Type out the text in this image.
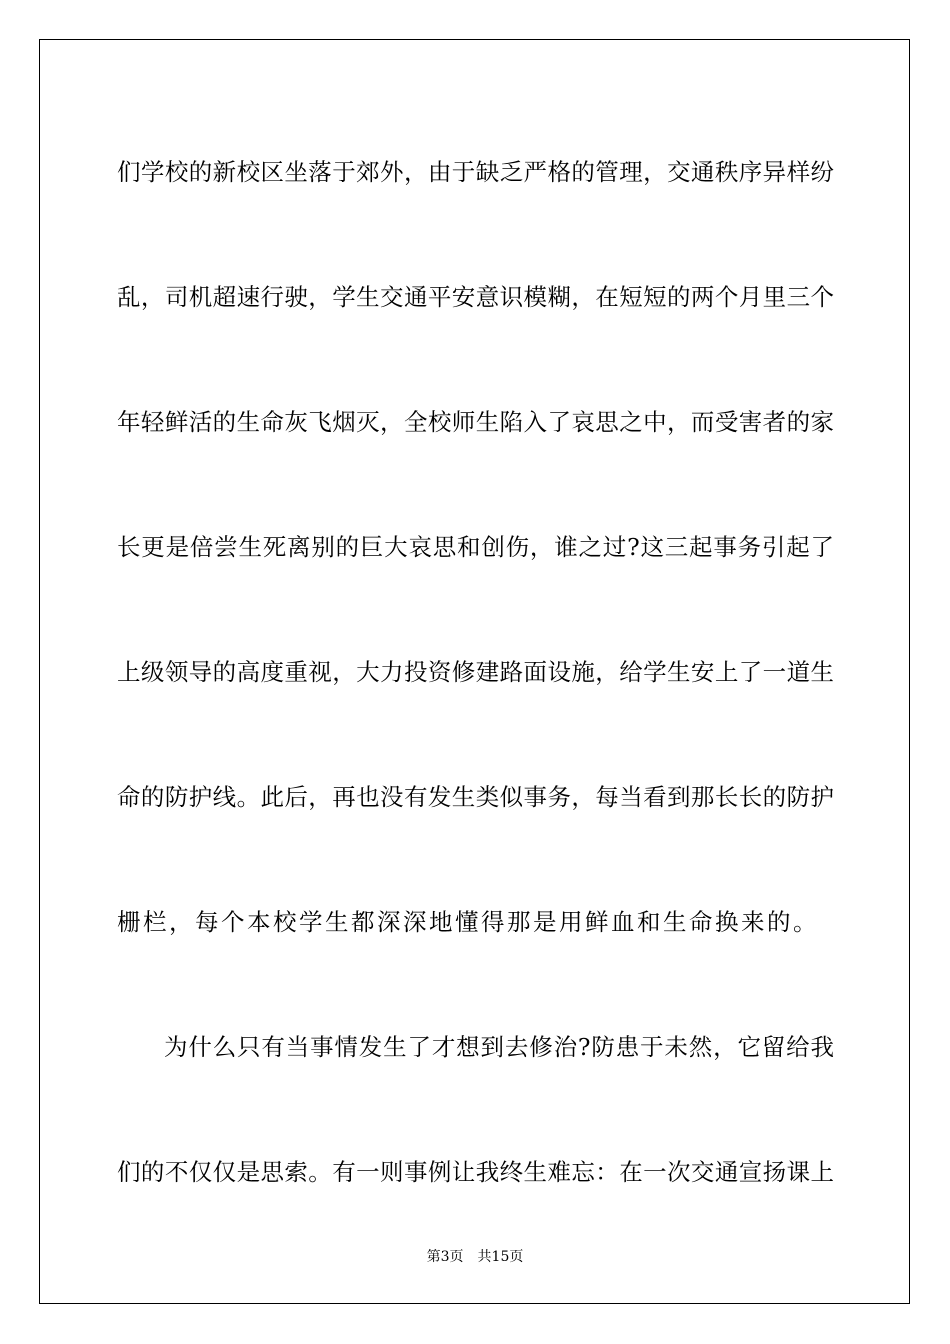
们学校的新校区坐落于郊外，由于缺乏严格的管理，交通秩序异样纷

乱，司机超速行驶，学生交通平安意识模糊，在短短的两个月里三个

年轻鲜活的生命灰飞烟灭，全校师生陷入了哀思之中，而受害者的家

长更是倍尝生死离别的巨大哀思和创伤，谁之过?这三起事务引起了

上级领导的高度重视，大力投资修建路面设施，给学生安上了一道生

命的防护线。此后，再也没有发生类似事务，每当看到那长长的防护

栅栏，每个本校学生都深深地懂得那是用鲜血和生命换来的。

为什么只有当事情发生了才想到去修治?防患于未然，它留给我

们的不仅仅是思索。有一则事例让我终生难忘：在一次交通宣扬课上

第3页 共15页
